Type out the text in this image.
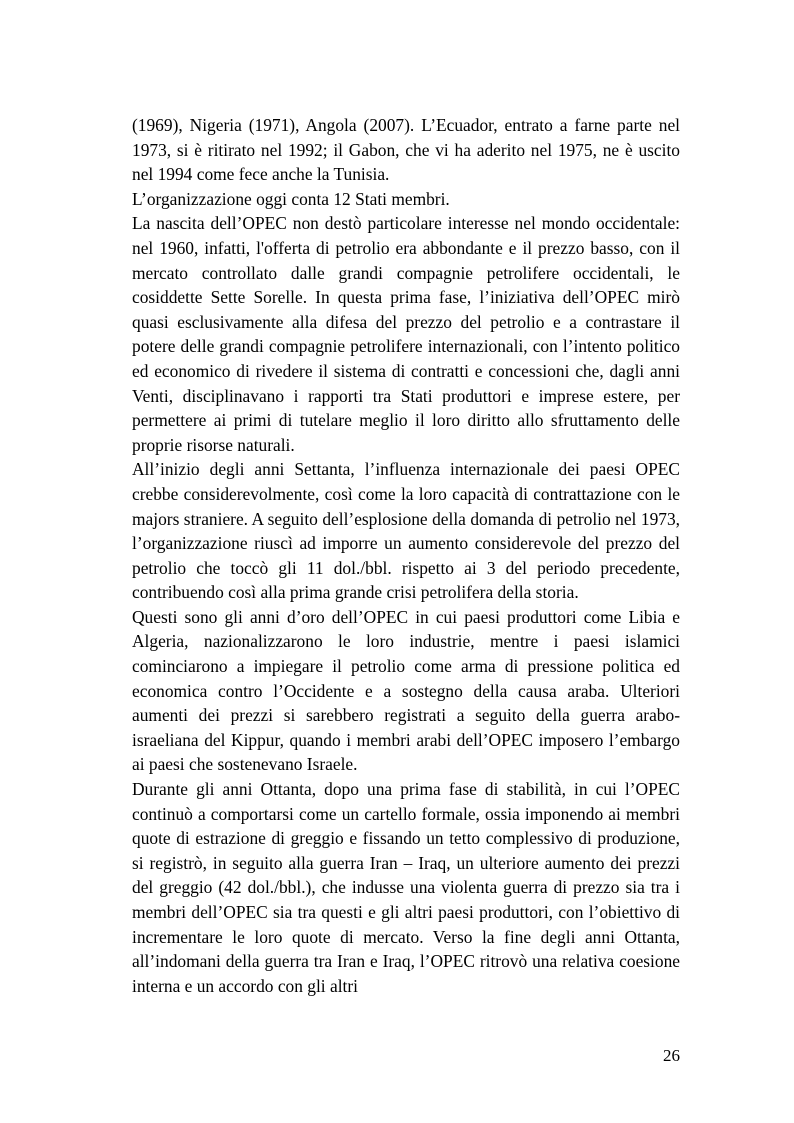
(1969), Nigeria (1971), Angola (2007). L’Ecuador, entrato a farne parte nel 1973, si è ritirato nel 1992; il Gabon, che vi ha aderito nel 1975, ne è uscito nel 1994 come fece anche la Tunisia.

L’organizzazione oggi conta 12 Stati membri.

La nascita dell’OPEC non destò particolare interesse nel mondo occidentale: nel 1960, infatti, l'offerta di petrolio era abbondante e il prezzo basso, con il mercato controllato dalle grandi compagnie petrolifere occidentali, le cosiddette Sette Sorelle. In questa prima fase, l’iniziativa dell’OPEC mirò quasi esclusivamente alla difesa del prezzo del petrolio e a contrastare il potere delle grandi compagnie petrolifere internazionali, con l’intento politico ed economico di rivedere il sistema di contratti e concessioni che, dagli anni Venti, disciplinavano i rapporti tra Stati produttori e imprese estere, per permettere ai primi di tutelare meglio il loro diritto allo sfruttamento delle proprie risorse naturali.

All’inizio degli anni Settanta, l’influenza internazionale dei paesi OPEC crebbe considerevolmente, così come la loro capacità di contrattazione con le majors straniere. A seguito dell’esplosione della domanda di petrolio nel 1973, l’organizzazione riuscì ad imporre un aumento considerevole del prezzo del petrolio che toccò gli 11 dol./bbl. rispetto ai 3 del periodo precedente, contribuendo così alla prima grande crisi petrolifera della storia.

Questi sono gli anni d’oro dell’OPEC in cui paesi produttori come Libia e Algeria, nazionalizzarono le loro industrie, mentre i paesi islamici cominciarono a impiegare il petrolio come arma di pressione politica ed economica contro l’Occidente e a sostegno della causa araba. Ulteriori aumenti dei prezzi si sarebbero registrati a seguito della guerra arabo-israeliana del Kippur, quando i membri arabi dell’OPEC imposero l’embargo ai paesi che sostenevano Israele.

Durante gli anni Ottanta, dopo una prima fase di stabilità, in cui l’OPEC continuò a comportarsi come un cartello formale, ossia imponendo ai membri quote di estrazione di greggio e fissando un tetto complessivo di produzione, si registrò, in seguito alla guerra Iran – Iraq, un ulteriore aumento dei prezzi del greggio (42 dol./bbl.), che indusse una violenta guerra di prezzo sia tra i membri dell’OPEC sia tra questi e gli altri paesi produttori, con l’obiettivo di incrementare le loro quote di mercato. Verso la fine degli anni Ottanta, all’indomani della guerra tra Iran e Iraq, l’OPEC ritrovò una relativa coesione interna e un accordo con gli altri

26
